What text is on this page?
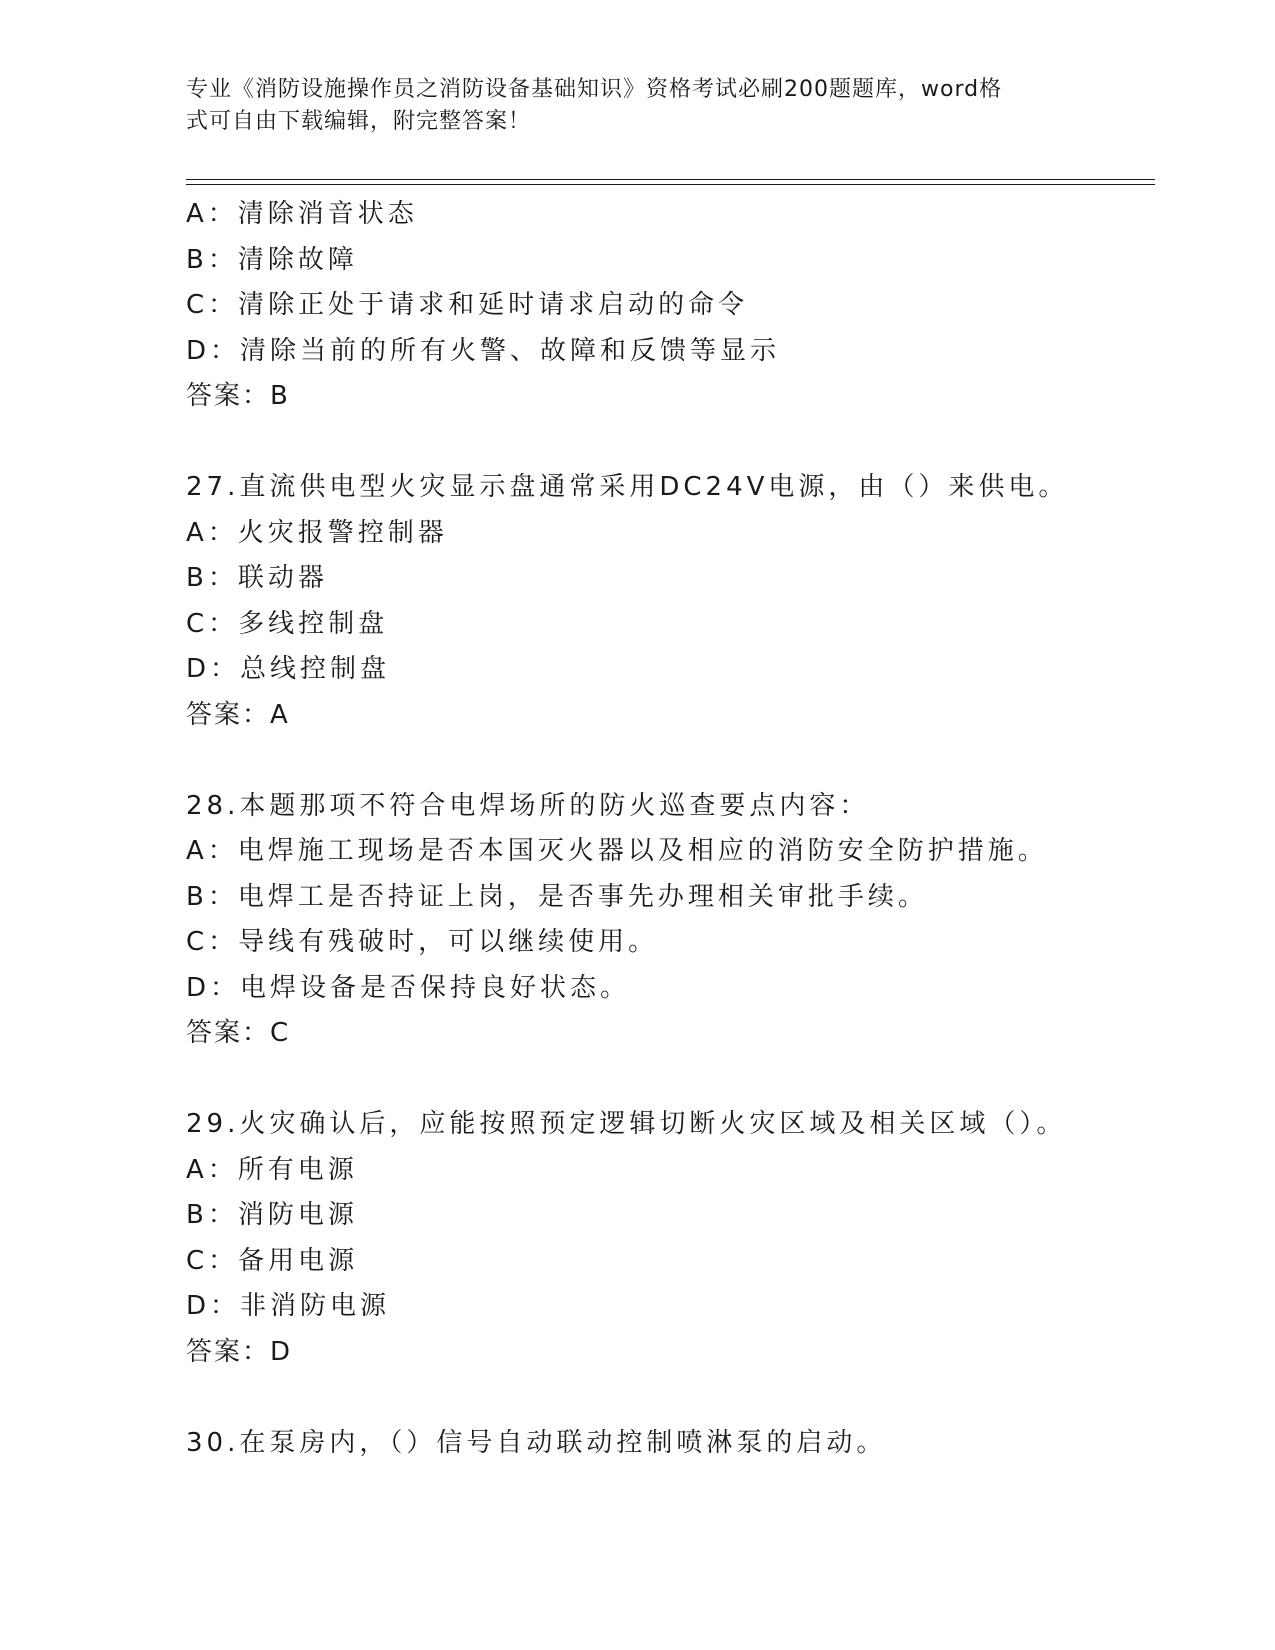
专业《消防设施操作员之消防设备基础知识》资格考试必刷200题题库，word格
式可自由下载编辑，附完整答案！
A：清除消音状态
B：清除故障
C：清除正处于请求和延时请求启动的命令
D：清除当前的所有火警、故障和反馈等显示
答案：B
27.直流供电型火灾显示盘通常采用DC24V电源，由（）来供电。
A：火灾报警控制器
B：联动器
C：多线控制盘
D：总线控制盘
答案：A
28.本题那项不符合电焊场所的防火巡查要点内容：
A：电焊施工现场是否本国灭火器以及相应的消防安全防护措施。
B：电焊工是否持证上岗，是否事先办理相关审批手续。
C：导线有残破时，可以继续使用。
D：电焊设备是否保持良好状态。
答案：C
29.火灾确认后，应能按照预定逻辑切断火灾区域及相关区域（）。
A：所有电源
B：消防电源
C：备用电源
D：非消防电源
答案：D
30.在泵房内，（）信号自动联动控制喷淋泵的启动。
